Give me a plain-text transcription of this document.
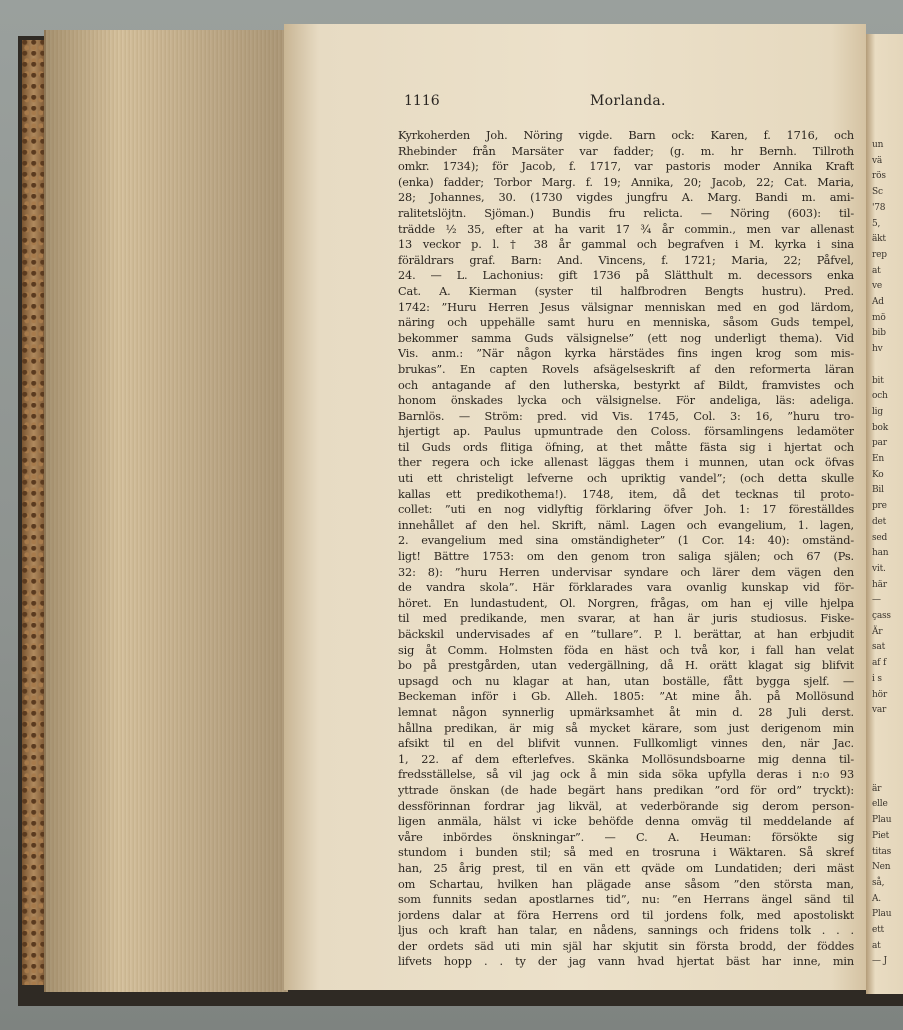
un
vä
rös
Sc
'78
5,
äkt
rep
at
ve
Ad
mö
bib
hv
bit
och
lig
bok
par
En
Ko
Bil
pre
det
sed
han
vit.
här
—
çass
Är
sat
af f
i s
hör
var
är
elle
Plau
Piet
titas
Nen
så,
A.
Plau
ett
at
— J
1116	Morlanda.
Kyrkoherden Joh. Nöring vigde. Barn ock: Karen, f. 1716, och
Rhebinder från Marsäter var fadder; (g. m. hr Bernh. Tillroth
omkr. 1734); för Jacob, f. 1717, var pastoris moder Annika Kraft
(enka) fadder; Torbor Marg. f. 19; Annika, 20; Jacob, 22; Cat. Maria,
28; Johannes, 30. (1730 vigdes jungfru A. Marg. Bandi m. ami-
ralitetslöjtn. Sjöman.) Bundis fru relicta. — Nöring (603): til-
trädde ½ 35, efter at ha varit 17 ¾ år commin., men var allenast
13 veckor p. l. † 38 år gammal och begrafven i M. kyrka i sina
föräldrars graf. Barn: And. Vincens, f. 1721; Maria, 22; Påfvel,
24. — L. Lachonius: gift 1736 på Slätthult m. decessors enka
Cat. A. Kierman (syster til halfbrodren Bengts hustru). Pred.
1742: ”Huru Herren Jesus välsignar menniskan med en god lärdom,
näring och uppehälle samt huru en menniska, såsom Guds tempel,
bekommer samma Guds välsignelse” (ett nog underligt thema). Vid
Vis. anm.: ”När någon kyrka härstädes fins ingen krog som mis-
brukas”. En capten Rovels afsägelseskrift af den reformerta läran
och antagande af den lutherska, bestyrkt af Bildt, framvistes och
honom önskades lycka och välsignelse. För andeliga, läs: adeliga.
Barnlös. — Ström: pred. vid Vis. 1745, Col. 3: 16, ”huru tro-
hjertigt ap. Paulus upmuntrade den Coloss. församlingens ledamöter
til Guds ords flitiga öfning, at thet måtte fästa sig i hjertat och
ther regera och icke allenast läggas them i munnen, utan ock öfvas
uti ett christeligt lefverne och upriktig vandel”; (och detta skulle
kallas ett predikothema!). 1748, item, då det tecknas til proto-
collet: ”uti en nog vidlyftig förklaring öfver Joh. 1: 17 föreställdes
innehållet af den hel. Skrift, näml. Lagen och evangelium, 1. lagen,
2. evangelium med sina omständigheter” (1 Cor. 14: 40): omständ-
ligt! Bättre 1753: om den genom tron saliga själen; och 67 (Ps.
32: 8): ”huru Herren undervisar syndare och lärer dem vägen den
de vandra skola”. Här förklarades vara ovanlig kunskap vid för-
höret. En lundastudent, Ol. Norgren, frågas, om han ej ville hjelpa
til med predikande, men svarar, at han är juris studiosus. Fiske-
bäckskil undervisades af en ”tullare”. P. l. berättar, at han erbjudit
sig åt Comm. Holmsten föda en häst och två kor, i fall han velat
bo på prestgården, utan vedergällning, då H. orätt klagat sig blifvit
upsagd och nu klagar at han, utan boställe, fått bygga sjelf. —
Beckeman inför i Gb. Alleh. 1805: ”At mine åh. på Mollösund
lemnat någon synnerlig upmärksamhet åt min d. 28 Juli derst.
hållna predikan, är mig så mycket kärare, som just derigenom min
afsikt til en del blifvit vunnen. Fullkomligt vinnes den, när Jac.
1, 22. af dem efterlefves. Skänka Mollösundsboarne mig denna til-
fredsställelse, så vil jag ock å min sida söka upfylla deras i n:o 93
yttrade önskan (de hade begärt hans predikan ”ord för ord” tryckt):
dessförinnan fordrar jag likväl, at vederbörande sig derom person-
ligen anmäla, hälst vi icke behöfde denna omväg til meddelande af
våre inbördes önskningar”. — C. A. Heuman: försökte sig
stundom i bunden stil; så med en trosruna i Wäktaren. Så skref
han, 25 årig prest, til en vän ett qväde om Lundatiden; deri mäst
om Schartau, hvilken han plägade anse såsom ”den största man,
som funnits sedan apostlarnes tid”, nu: ”en Herrans ängel sänd til
jordens dalar at föra Herrens ord til jordens folk, med apostoliskt
ljus och kraft han talar, en nådens, sannings och fridens tolk . . .
der ordets säd uti min själ har skjutit sin första brodd, der föddes
lifvets hopp . . ty der jag vann hvad hjertat bäst har inne, min
